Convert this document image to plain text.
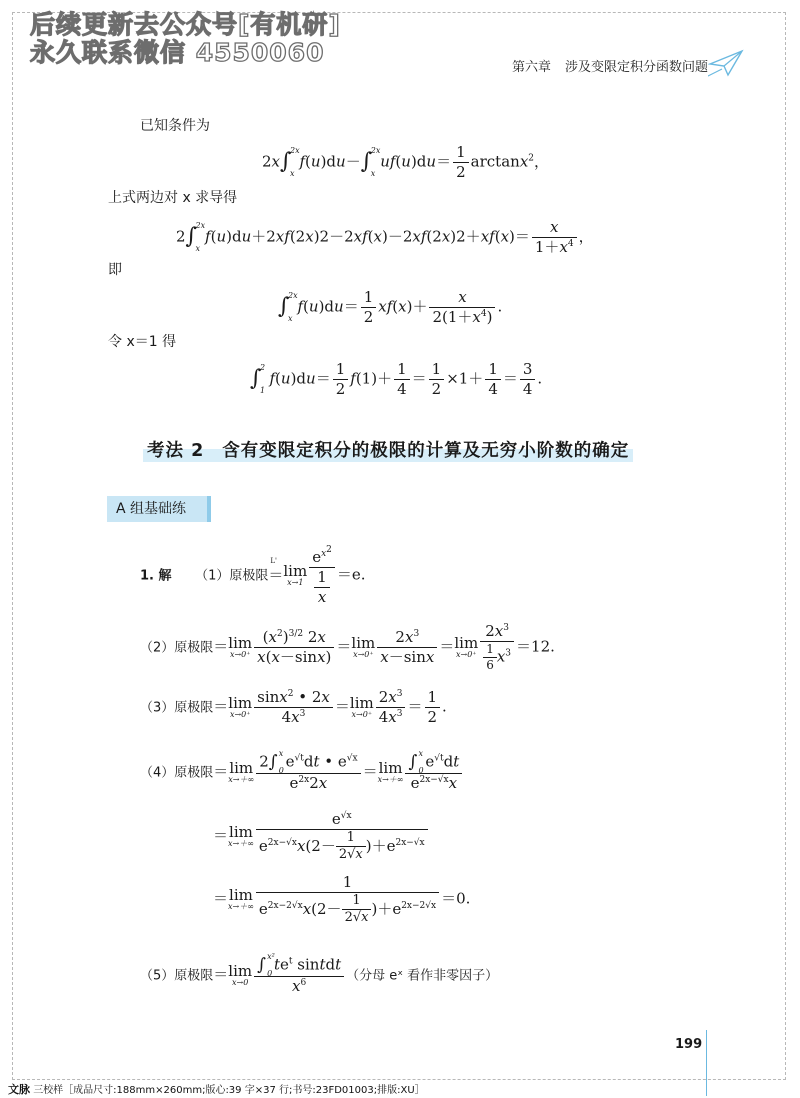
后续更新去公众号[有机研]
永久联系微信 4550060
第六章 涉及变限定积分函数问题
已知条件为
2x∫
2x
x
f(u)du－∫
2x
x
$uf(u)du= \frac{1}{2} \arctan x^2$，
上式两边对 x 求导得
2∫
2x
x
$f(u)du+2xf(2x)2-2xf(x)-2xf(2x)2+xf(x)= \frac{x}{1+x^4}$ ，
即
∫
2x
x
$f(u)du= \frac{1}{2} xf(x)+ \frac{x}{2(1+x^4)}$ .
令 x＝1 得
∫
2
1
$f(u)du= \frac{1}{2} f(1)+ \frac{1}{4} = \frac{1}{2} \times 1+ \frac{1}{4} = \frac{3}{4}$ .
考法 2 含有变限定积分的极限的计算及无穷小阶数的确定
A 组基础练
1. 解 （1）原极限＝
L'
lim
$x\to 1 \frac{e^{x^2}}{\frac{1}{x}} =e$.
（2）原极限＝lim
$x\to 0^+ \frac{(x^2)^{3/2} 2x}{x(x-\sin x)} =\lim$
$x\to 0^+ \frac{2x^3}{x-\sin x} =\lim$
$x\to 0^+ \frac{2x^3}{\frac{1}{6} x^3} =12$.
（3）原极限＝lim
$x\to 0^+ \frac{\sin x^2 • 2x}{4x^3} =\lim$
$x\to 0^+ \frac{2x^3}{4x^3} = \frac{1}{2}$ .
（4）原极限＝lim
x→＋∞ 2∫ x
0
$e^{√t}dt$ • $e^{√x}$
$e^{2x}2x =\lim$
x→＋∞ ∫ x
0
$e^{√t}dt$
$e^{2x-√x}x$
＝lim
$x\to+\infty \frac{e^{√x}}{e^{2x-√x}x(2- \frac{1}{2√x} )+e^{2x-√x}}$
＝lim
$x\to+\infty \frac{1}{e^{2x-2√x}x(2- \frac{1}{2√x} )+e^{2x-2√x}} =0$.
（5）原极限＝lim
x→0 ∫ x²
0
$te^t$ sintdt
$x^6$ （分母 eˣ 看作非零因子）
199
文脉 三校样［成品尺寸:188mm×260mm;版心:39 字×37 行;书号:23FD01003;排版:XU］
